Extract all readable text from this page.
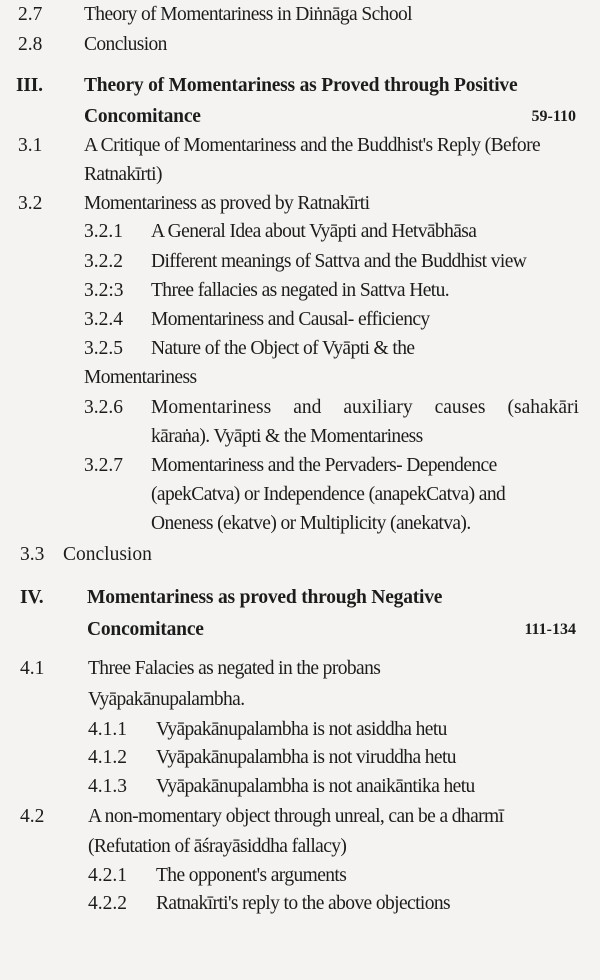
2.7 Theory of Momentariness in Diṅnāga School
2.8 Conclusion
III. Theory of Momentariness as Proved through Positive
Concomitance	59-110
3.1 A Critique of Momentariness and the Buddhist's Reply (Before
Ratnakīrti)
3.2 Momentariness as proved by Ratnakīrti
3.2.1 A General Idea about Vyāpti and Hetvābhāsa
3.2.2 Different meanings of Sattva and the Buddhist view
3.2:3 Three fallacies as negated in Sattva Hetu.
3.2.4 Momentariness and Causal- efficiency
3.2.5 Nature of the Object of Vyāpti & the
Momentariness
3.2.6 Momentariness and auxiliary causes (sahakāri
kāraṅa). Vyāpti & the Momentariness
3.2.7 Momentariness and the Pervaders- Dependence
(apekCatva) or Independence (anapekCatva) and
Oneness (ekatve) or Multiplicity (anekatva).
3.3 Conclusion
IV. Momentariness as proved through Negative
Concomitance	111-134
4.1 Three Falacies as negated in the probans
Vyāpakānupalambha.
4.1.1 Vyāpakānupalambha is not asiddha hetu
4.1.2 Vyāpakānupalambha is not viruddha hetu
4.1.3 Vyāpakānupalambha is not anaikāntika hetu
4.2 A non-momentary object through unreal, can be a dharmī
(Refutation of āśrayāsiddha fallacy)
4.2.1 The opponent's arguments
4.2.2 Ratnakīrti's reply to the above objections
